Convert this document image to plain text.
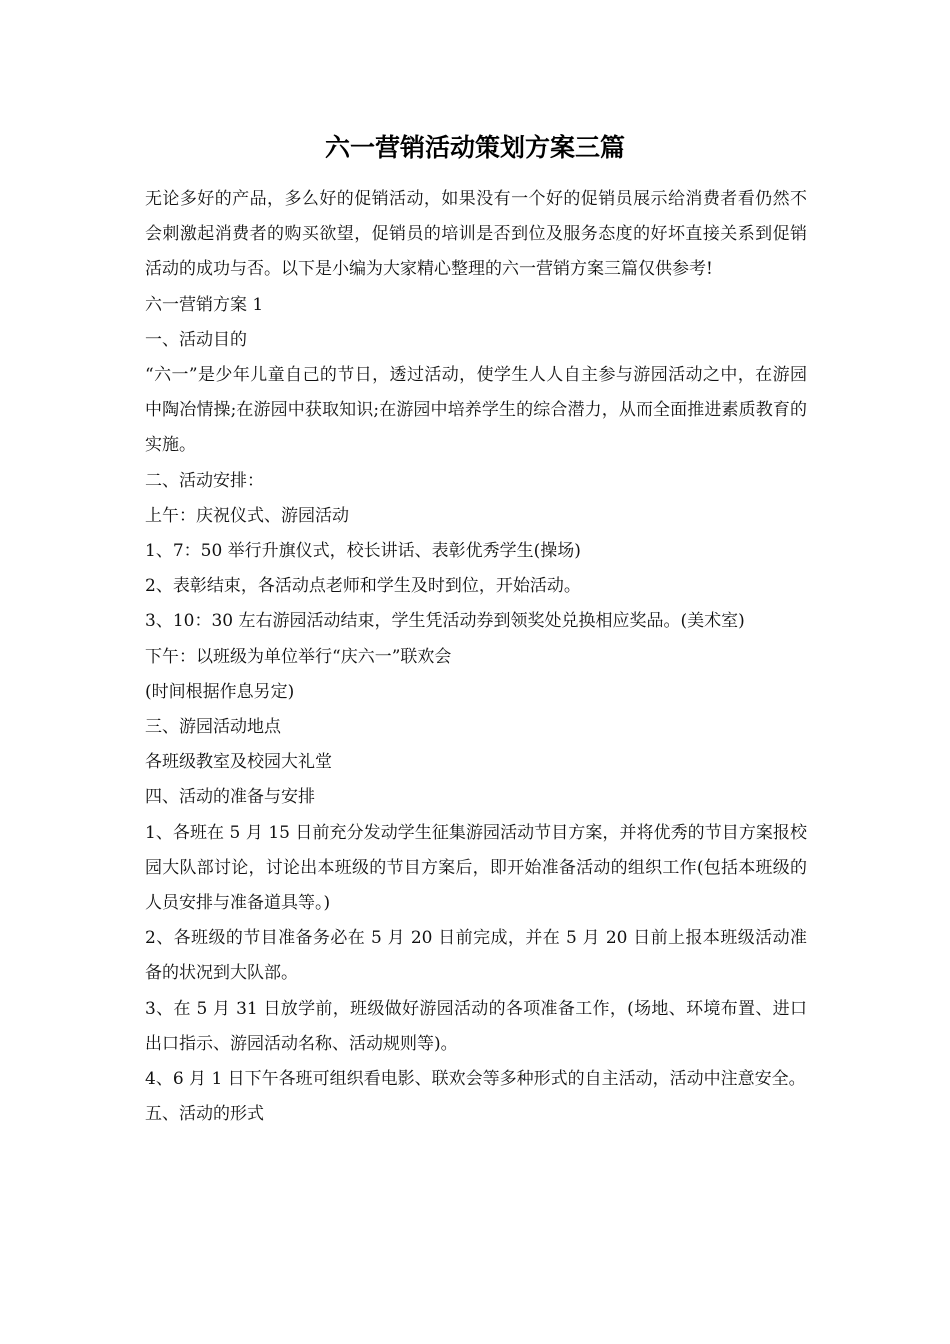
六一营销活动策划方案三篇

无论多好的产品，多么好的促销活动，如果没有一个好的促销员展示给消费者看仍然不会刺激起消费者的购买欲望，促销员的培训是否到位及服务态度的好坏直接关系到促销活动的成功与否。以下是小编为大家精心整理的六一营销方案三篇仅供参考!

六一营销方案 1

一、活动目的

“六一”是少年儿童自己的节日，透过活动，使学生人人自主参与游园活动之中，在游园中陶冶情操;在游园中获取知识;在游园中培养学生的综合潜力，从而全面推进素质教育的实施。

二、活动安排：

上午：庆祝仪式、游园活动

1、7：50 举行升旗仪式，校长讲话、表彰优秀学生(操场)

2、表彰结束，各活动点老师和学生及时到位，开始活动。

3、10：30 左右游园活动结束，学生凭活动券到领奖处兑换相应奖品。(美术室)

下午：以班级为单位举行“庆六一”联欢会

(时间根据作息另定)

三、游园活动地点

各班级教室及校园大礼堂

四、活动的准备与安排

1、各班在 5 月 15 日前充分发动学生征集游园活动节目方案，并将优秀的节目方案报校园大队部讨论，讨论出本班级的节目方案后，即开始准备活动的组织工作(包括本班级的人员安排与准备道具等。)

2、各班级的节目准备务必在 5 月 20 日前完成，并在 5 月 20 日前上报本班级活动准备的状况到大队部。

3、在 5 月 31 日放学前，班级做好游园活动的各项准备工作，(场地、环境布置、进口出口指示、游园活动名称、活动规则等)。

4、6 月 1 日下午各班可组织看电影、联欢会等多种形式的自主活动，活动中注意安全。

五、活动的形式
